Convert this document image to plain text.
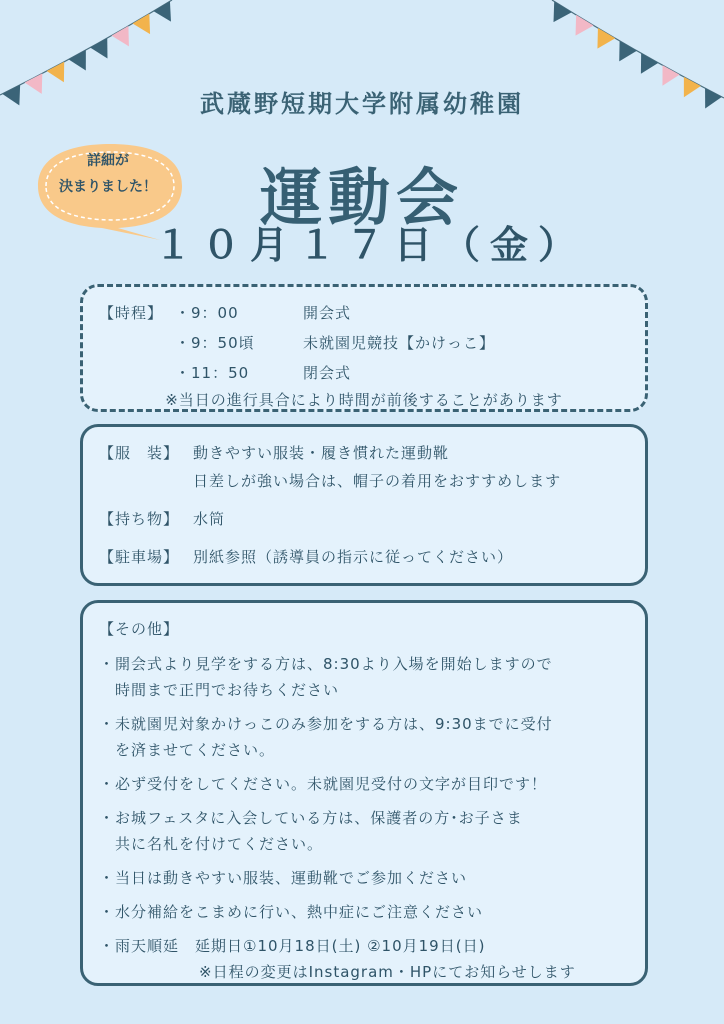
武蔵野短期大学附属幼稚園
詳細が
決まりました！	運動会
１０月１７日（金）
【時程】 ・9：00	開会式
・9：50頃	未就園児競技【かけっこ】
・11：50	閉会式
※当日の進行具合により時間が前後することがあります
【服　装】 動きやすい服装・履き慣れた運動靴
日差しが強い場合は、帽子の着用をおすすめします
【持ち物】 水筒
【駐車場】 別紙参照（誘導員の指示に従ってください）
【その他】
・開会式より見学をする方は、8:30より入場を開始しますので
時間まで正門でお待ちください
・未就園児対象かけっこのみ参加をする方は、9:30までに受付
を済ませてください。
・必ず受付をしてください。未就園児受付の文字が目印です！
・お城フェスタに入会している方は、保護者の方･お子さま
共に名札を付けてください。
・当日は動きやすい服装、運動靴でご参加ください
・水分補給をこまめに行い、熱中症にご注意ください
・雨天順延　延期日①10月18日(土) ②10月19日(日)
※日程の変更はInstagram・HPにてお知らせします
